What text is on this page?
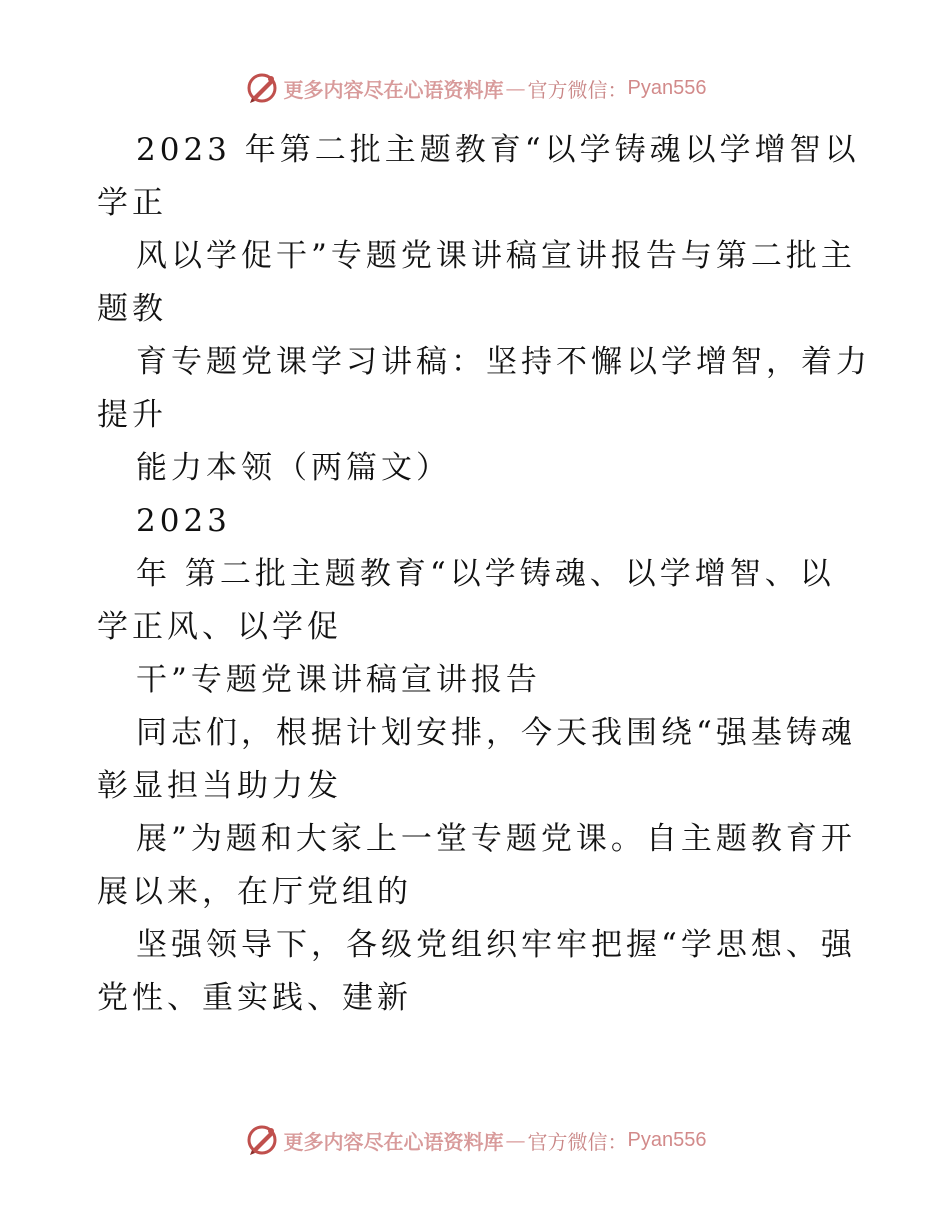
更多内容尽在心语资料库 — 官方微信： Pyan556
2023 年第二批主题教育“以学铸魂以学增智以
学正
风以学促干”专题党课讲稿宣讲报告与第二批主
题教
育专题党课学习讲稿：坚持不懈以学增智，着力
提升
能力本领（两篇文）
2023
年 第二批主题教育“以学铸魂、以学增智、以
学正风、以学促
干”专题党课讲稿宣讲报告
同志们，根据计划安排，今天我围绕“强基铸魂
彰显担当助力发
展”为题和大家上一堂专题党课。自主题教育开
展以来，在厅党组的
坚强领导下，各级党组织牢牢把握“学思想、强
党性、重实践、建新
更多内容尽在心语资料库 — 官方微信： Pyan556
